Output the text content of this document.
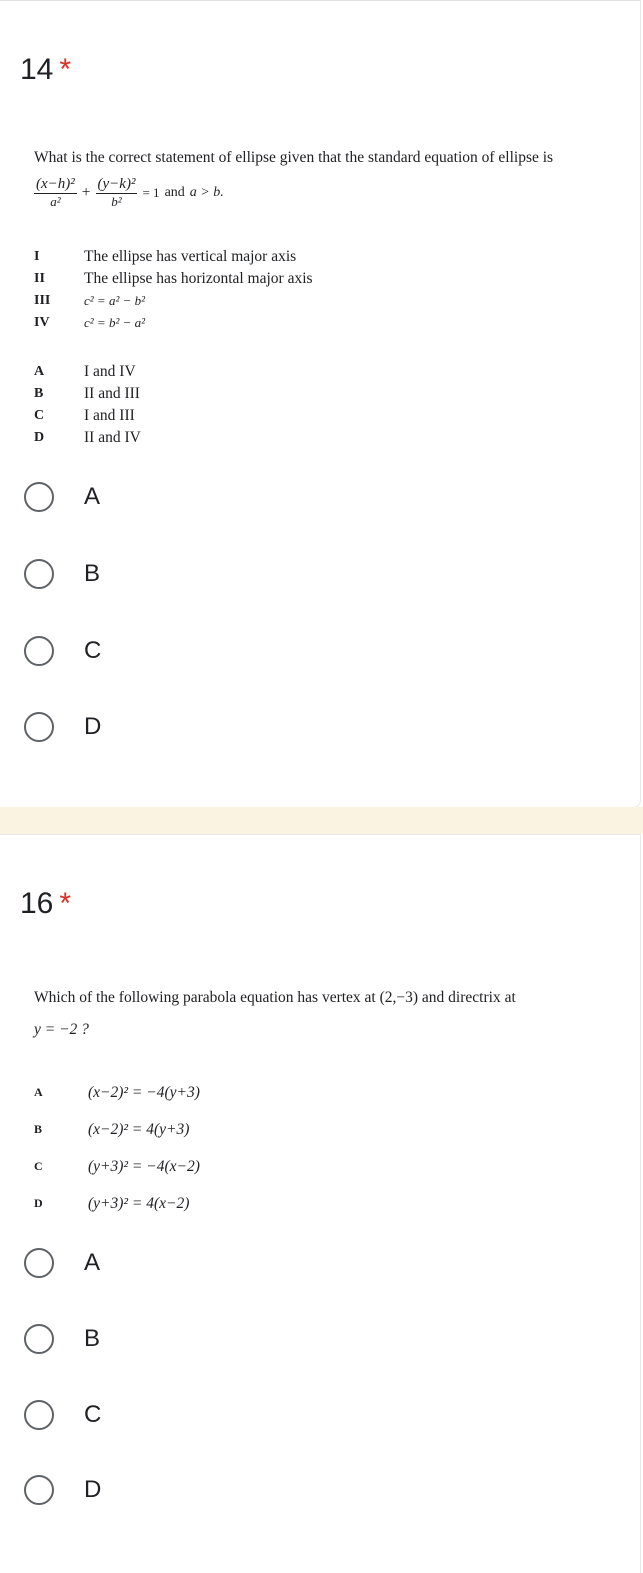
14 *
What is the correct statement of ellipse given that the standard equation of ellipse is
$\frac{\text{(x−h)²}}{\text{a²}} + \frac{\text{(y−k)²}}{\text{b²}} = 1$ and a > b.
I	The ellipse has vertical major axis
II	The ellipse has horizontal major axis
III	c² = a² − b²
IV	c² = b² − a²
A	I and IV
B	II and III
C	I and III
D	II and IV
A
B
C
D
16 *
Which of the following parabola equation has vertex at (2,−3) and directrix at
y = −2 ?
A	(x−2)² = −4(y+3)
B	(x−2)² = 4(y+3)
C	(y+3)² = −4(x−2)
D	(y+3)² = 4(x−2)
A
B
C
D
